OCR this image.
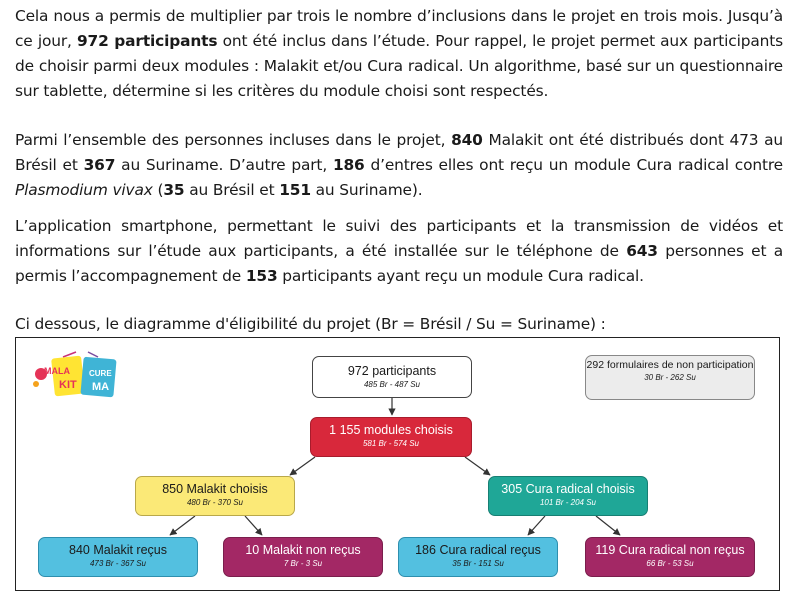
Cela nous a permis de multiplier par trois le nombre d’inclusions dans le projet en trois mois. Jusqu’à ce jour, 972 participants ont été inclus dans l’étude. Pour rappel, le projet permet aux participants de choisir parmi deux modules : Malakit et/ou Cura radical. Un algorithme, basé sur un questionnaire sur tablette, détermine si les critères du module choisi sont respectés.

Parmi l’ensemble des personnes incluses dans le projet, 840 Malakit ont été distribués dont 473 au Brésil et 367 au Suriname. D’autre part, 186 d’entres elles ont reçu un module Cura radical contre Plasmodium vivax (35 au Brésil et 151 au Suriname).

L’application smartphone, permettant le suivi des participants et la transmission de vidéos et informations sur l’étude aux participants, a été installée sur le téléphone de 643 personnes et a permis l’accompagnement de 153 participants ayant reçu un module Cura radical.

Ci dessous, le diagramme d'éligibilité du projet (Br = Brésil / Su = Suriname) :

MALA
KIT
CURE
MA
972 participants
485 Br - 487 Su
292 formulaires de non participation
30 Br - 262 Su
1 155 modules choisis
581 Br - 574 Su
850 Malakit choisis
480 Br - 370 Su
305 Cura radical choisis
101 Br - 204 Su
840 Malakit reçus
473 Br - 367 Su
10 Malakit non reçus
7 Br - 3 Su
186 Cura radical reçus
35 Br - 151 Su
119 Cura radical non reçus
66 Br - 53 Su
